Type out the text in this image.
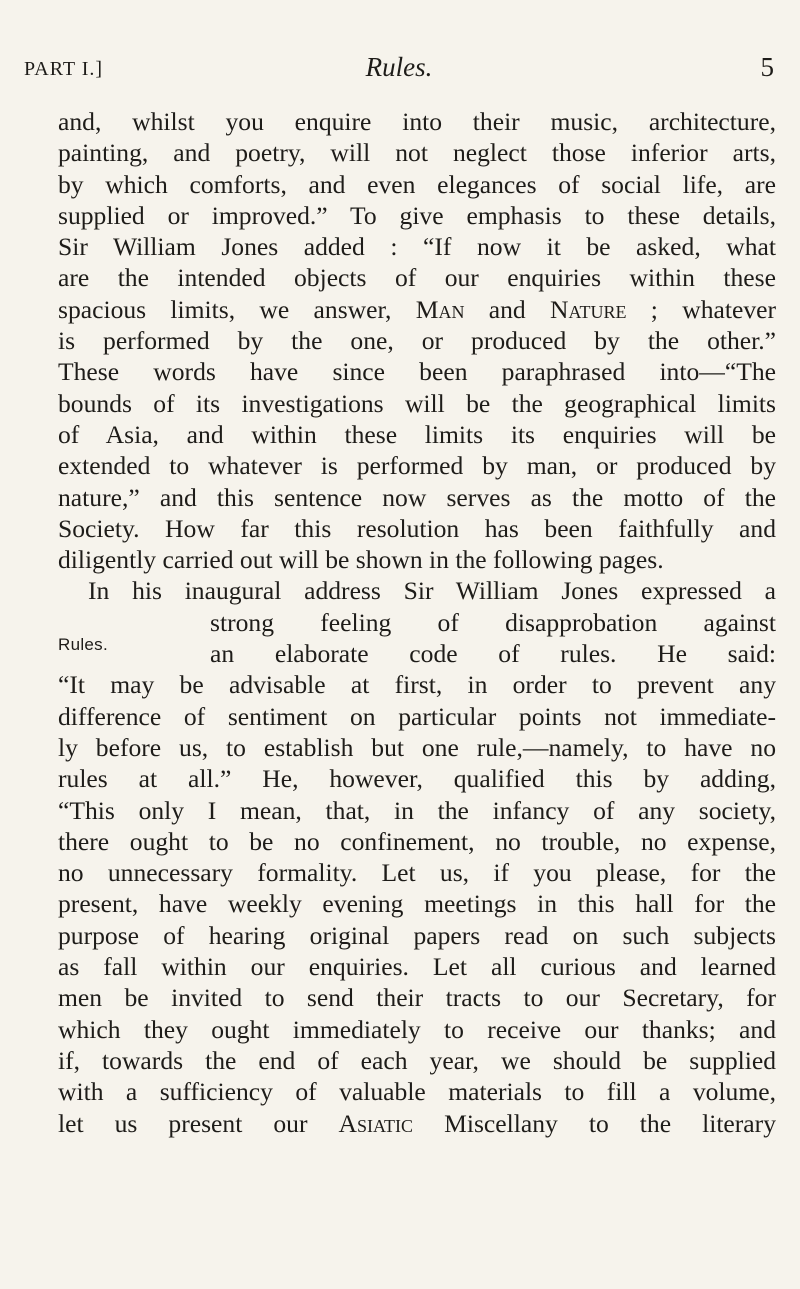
PART I.]	Rules.	5
and, whilst you enquire into their music, architecture,
painting, and poetry, will not neglect those inferior arts,
by which comforts, and even elegances of social life, are
supplied or improved.” To give emphasis to these details,
Sir William Jones added : “If now it be asked, what
are the intended objects of our enquiries within these
spacious limits, we answer, Man and Nature ; whatever
is performed by the one, or produced by the other.”
These words have since been paraphrased into—“The
bounds of its investigations will be the geographical limits
of Asia, and within these limits its enquiries will be
extended to whatever is performed by man, or produced by
nature,” and this sentence now serves as the motto of the
Society. How far this resolution has been faithfully and
diligently carried out will be shown in the following pages.
In his inaugural address Sir William Jones expressed a
Rules.
strong feeling of disapprobation against
an elaborate code of rules. He said:
“It may be advisable at first, in order to prevent any
difference of sentiment on particular points not immediate-
ly before us, to establish but one rule,—namely, to have no
rules at all.” He, however, qualified this by adding,
“This only I mean, that, in the infancy of any society,
there ought to be no confinement, no trouble, no expense,
no unnecessary formality. Let us, if you please, for the
present, have weekly evening meetings in this hall for the
purpose of hearing original papers read on such subjects
as fall within our enquiries. Let all curious and learned
men be invited to send their tracts to our Secretary, for
which they ought immediately to receive our thanks; and
if, towards the end of each year, we should be supplied
with a sufficiency of valuable materials to fill a volume,
let us present our Asiatic Miscellany to the literary
